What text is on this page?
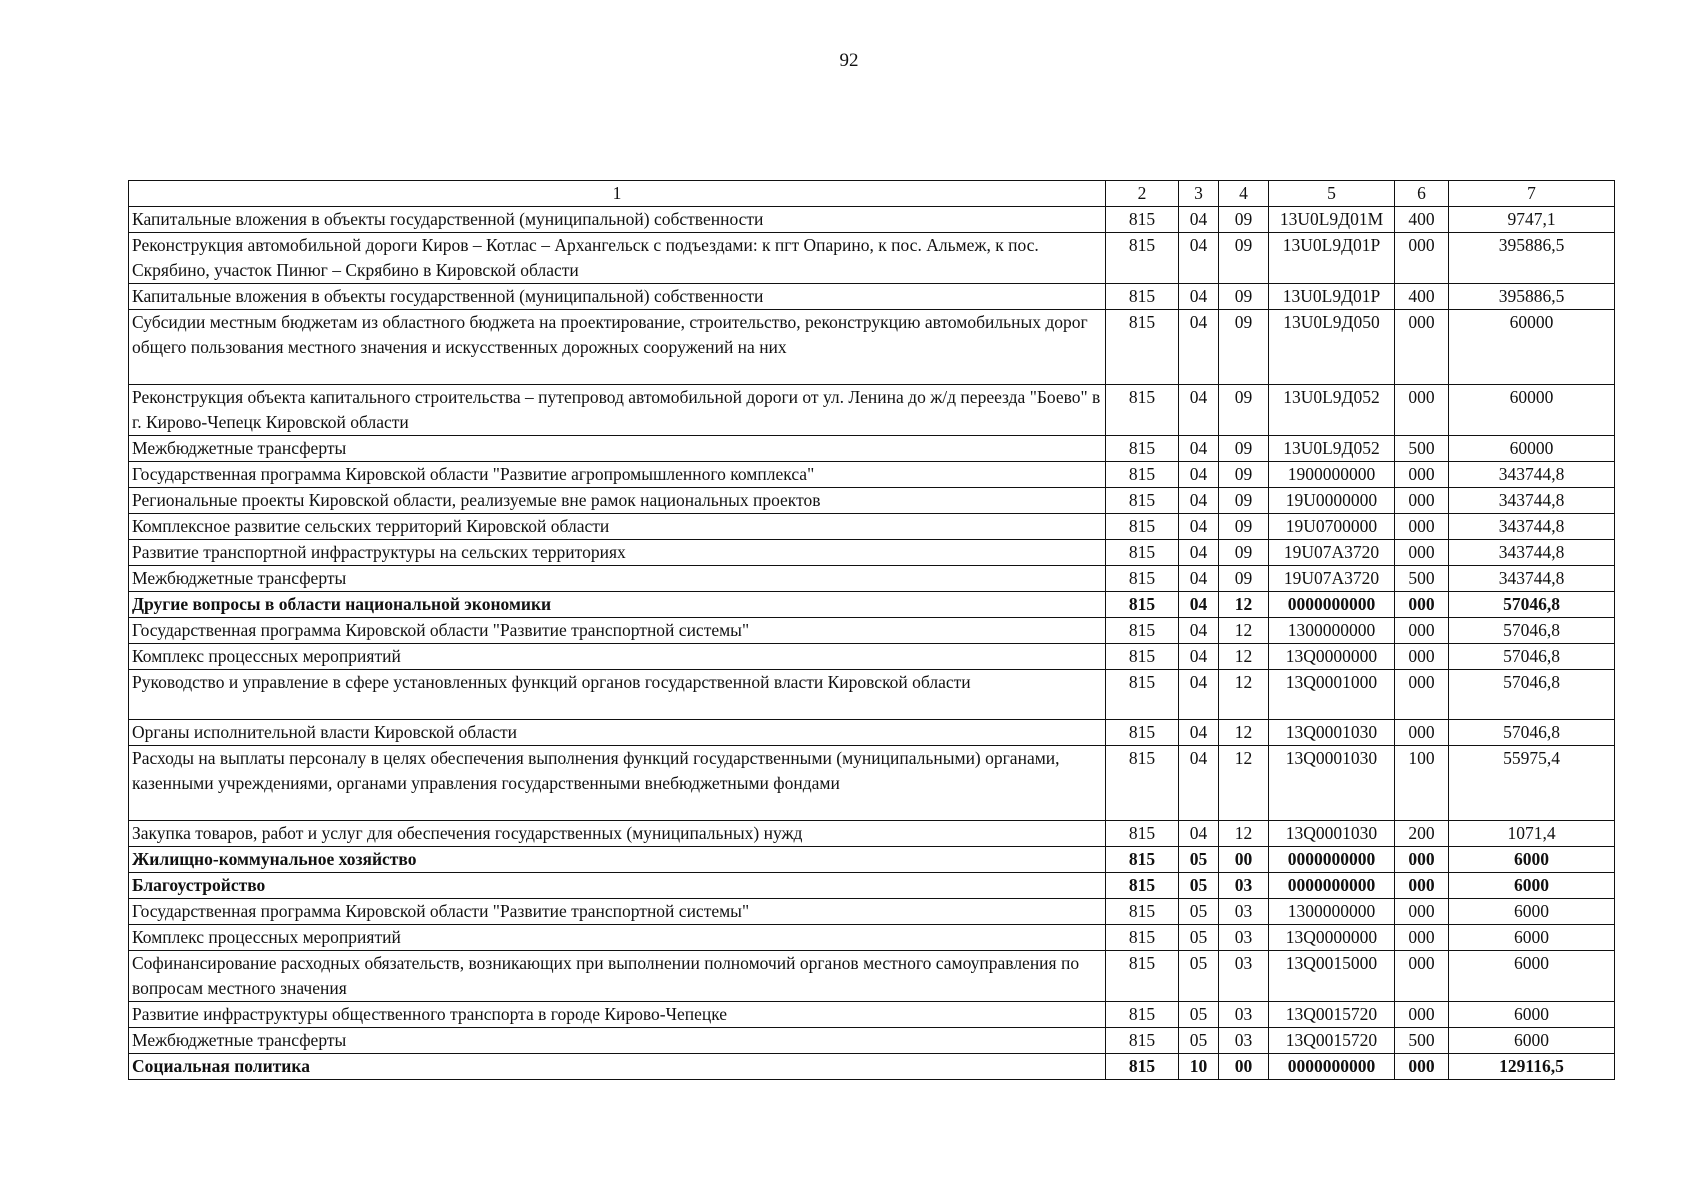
92
1	2	3	4	5	6	7
Капитальные вложения в объекты государственной (муниципальной) собственности	815	04	09	13U0L9Д01М	400	9747,1
Реконструкция автомобильной дороги Киров – Котлас – Архангельск с подъездами: к пгт Опарино, к пос. Альмеж, к пос. Скрябино, участок Пинюг – Скрябино в Кировской области	815	04	09	13U0L9Д01Р	000	395886,5
Капитальные вложения в объекты государственной (муниципальной) собственности	815	04	09	13U0L9Д01Р	400	395886,5
Субсидии местным бюджетам из областного бюджета на проектирование, строительство, реконструкцию автомобильных дорог общего пользования местного значения и искусственных дорожных сооружений на них	815	04	09	13U0L9Д050	000	60000
Реконструкция объекта капитального строительства – путепровод автомобильной дороги от ул. Ленина до ж/д переезда "Боево" в г. Кирово-Чепецк Кировской области	815	04	09	13U0L9Д052	000	60000
Межбюджетные трансферты	815	04	09	13U0L9Д052	500	60000
Государственная программа Кировской области "Развитие агропромышленного комплекса"	815	04	09	1900000000	000	343744,8
Региональные проекты Кировской области, реализуемые вне рамок национальных проектов	815	04	09	19U0000000	000	343744,8
Комплексное развитие сельских территорий Кировской области	815	04	09	19U0700000	000	343744,8
Развитие транспортной инфраструктуры на сельских территориях	815	04	09	19U07A3720	000	343744,8
Межбюджетные трансферты	815	04	09	19U07A3720	500	343744,8
Другие вопросы в области национальной экономики	815	04	12	0000000000	000	57046,8
Государственная программа Кировской области "Развитие транспортной системы"	815	04	12	1300000000	000	57046,8
Комплекс процессных мероприятий	815	04	12	13Q0000000	000	57046,8
Руководство и управление в сфере установленных функций органов государственной власти Кировской области	815	04	12	13Q0001000	000	57046,8
Органы исполнительной власти Кировской области	815	04	12	13Q0001030	000	57046,8
Расходы на выплаты персоналу в целях обеспечения выполнения функций государственными (муниципальными) органами, казенными учреждениями, органами управления государственными внебюджетными фондами	815	04	12	13Q0001030	100	55975,4
Закупка товаров, работ и услуг для обеспечения государственных (муниципальных) нужд	815	04	12	13Q0001030	200	1071,4
Жилищно-коммунальное хозяйство	815	05	00	0000000000	000	6000
Благоустройство	815	05	03	0000000000	000	6000
Государственная программа Кировской области "Развитие транспортной системы"	815	05	03	1300000000	000	6000
Комплекс процессных мероприятий	815	05	03	13Q0000000	000	6000
Софинансирование расходных обязательств, возникающих при выполнении полномочий органов местного самоуправления по вопросам местного значения	815	05	03	13Q0015000	000	6000
Развитие инфраструктуры общественного транспорта в городе Кирово-Чепецке	815	05	03	13Q0015720	000	6000
Межбюджетные трансферты	815	05	03	13Q0015720	500	6000
Социальная политика	815	10	00	0000000000	000	129116,5
